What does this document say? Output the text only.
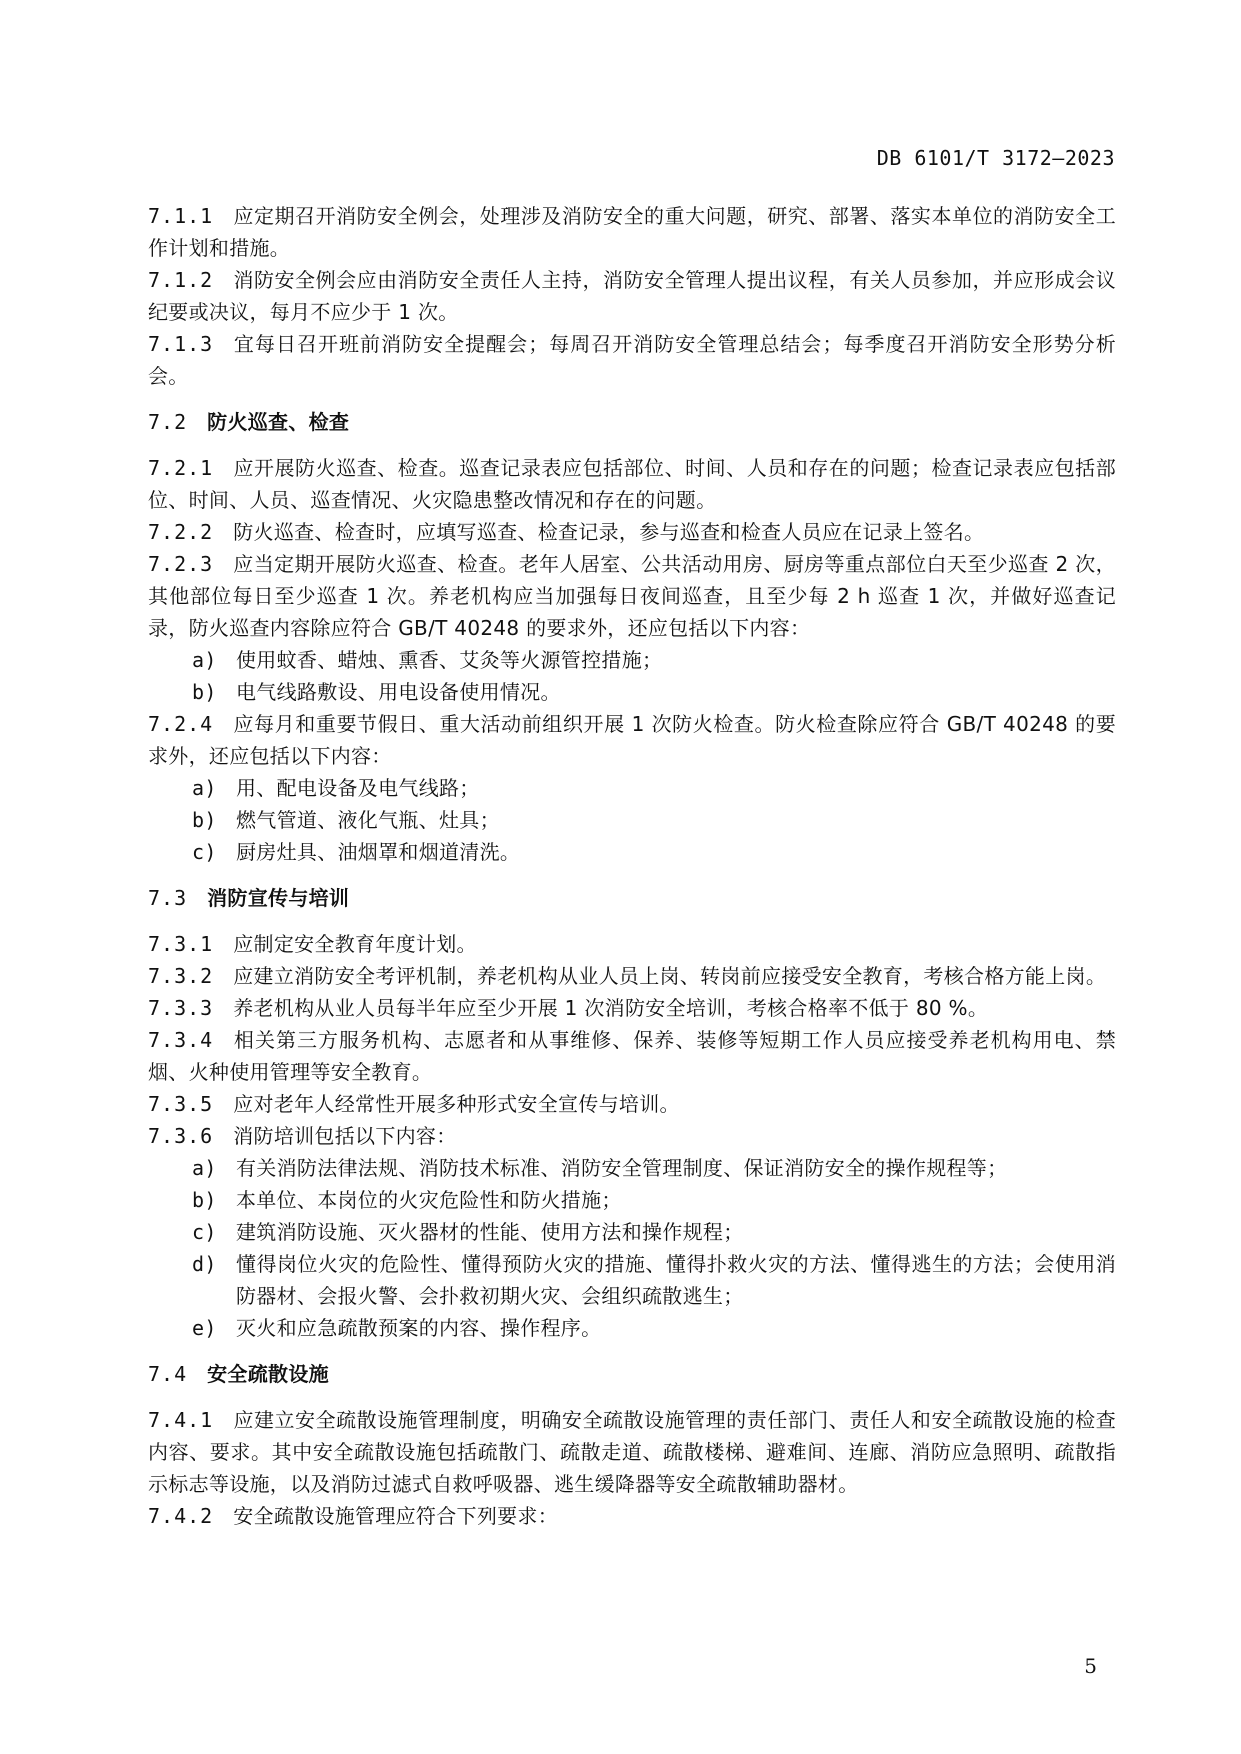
DB 6101/T 3172—2023

7.1.1 应定期召开消防安全例会，处理涉及消防安全的重大问题，研究、部署、落实本单位的消防安全工作计划和措施。

7.1.2 消防安全例会应由消防安全责任人主持，消防安全管理人提出议程，有关人员参加，并应形成会议纪要或决议，每月不应少于 1 次。

7.1.3 宜每日召开班前消防安全提醒会；每周召开消防安全管理总结会；每季度召开消防安全形势分析会。

7.2 防火巡查、检查

7.2.1 应开展防火巡查、检查。巡查记录表应包括部位、时间、人员和存在的问题；检查记录表应包括部位、时间、人员、巡查情况、火灾隐患整改情况和存在的问题。

7.2.2 防火巡查、检查时，应填写巡查、检查记录，参与巡查和检查人员应在记录上签名。

7.2.3 应当定期开展防火巡查、检查。老年人居室、公共活动用房、厨房等重点部位白天至少巡查 2 次，其他部位每日至少巡查 1 次。养老机构应当加强每日夜间巡查，且至少每 2 h 巡查 1 次，并做好巡查记录，防火巡查内容除应符合 GB/T 40248 的要求外，还应包括以下内容：

a) 使用蚊香、蜡烛、熏香、艾灸等火源管控措施；
b) 电气线路敷设、用电设备使用情况。

7.2.4 应每月和重要节假日、重大活动前组织开展 1 次防火检查。防火检查除应符合 GB/T 40248 的要求外，还应包括以下内容：

a) 用、配电设备及电气线路；
b) 燃气管道、液化气瓶、灶具；
c) 厨房灶具、油烟罩和烟道清洗。

7.3 消防宣传与培训

7.3.1 应制定安全教育年度计划。

7.3.2 应建立消防安全考评机制，养老机构从业人员上岗、转岗前应接受安全教育，考核合格方能上岗。

7.3.3 养老机构从业人员每半年应至少开展 1 次消防安全培训，考核合格率不低于 80 %。

7.3.4 相关第三方服务机构、志愿者和从事维修、保养、装修等短期工作人员应接受养老机构用电、禁烟、火种使用管理等安全教育。

7.3.5 应对老年人经常性开展多种形式安全宣传与培训。

7.3.6 消防培训包括以下内容：

a) 有关消防法律法规、消防技术标准、消防安全管理制度、保证消防安全的操作规程等；
b) 本单位、本岗位的火灾危险性和防火措施；
c) 建筑消防设施、灭火器材的性能、使用方法和操作规程；
d) 懂得岗位火灾的危险性、懂得预防火灾的措施、懂得扑救火灾的方法、懂得逃生的方法；会使用消防器材、会报火警、会扑救初期火灾、会组织疏散逃生；
e) 灭火和应急疏散预案的内容、操作程序。

7.4 安全疏散设施

7.4.1 应建立安全疏散设施管理制度，明确安全疏散设施管理的责任部门、责任人和安全疏散设施的检查内容、要求。其中安全疏散设施包括疏散门、疏散走道、疏散楼梯、避难间、连廊、消防应急照明、疏散指示标志等设施，以及消防过滤式自救呼吸器、逃生缓降器等安全疏散辅助器材。

7.4.2 安全疏散设施管理应符合下列要求：

5
